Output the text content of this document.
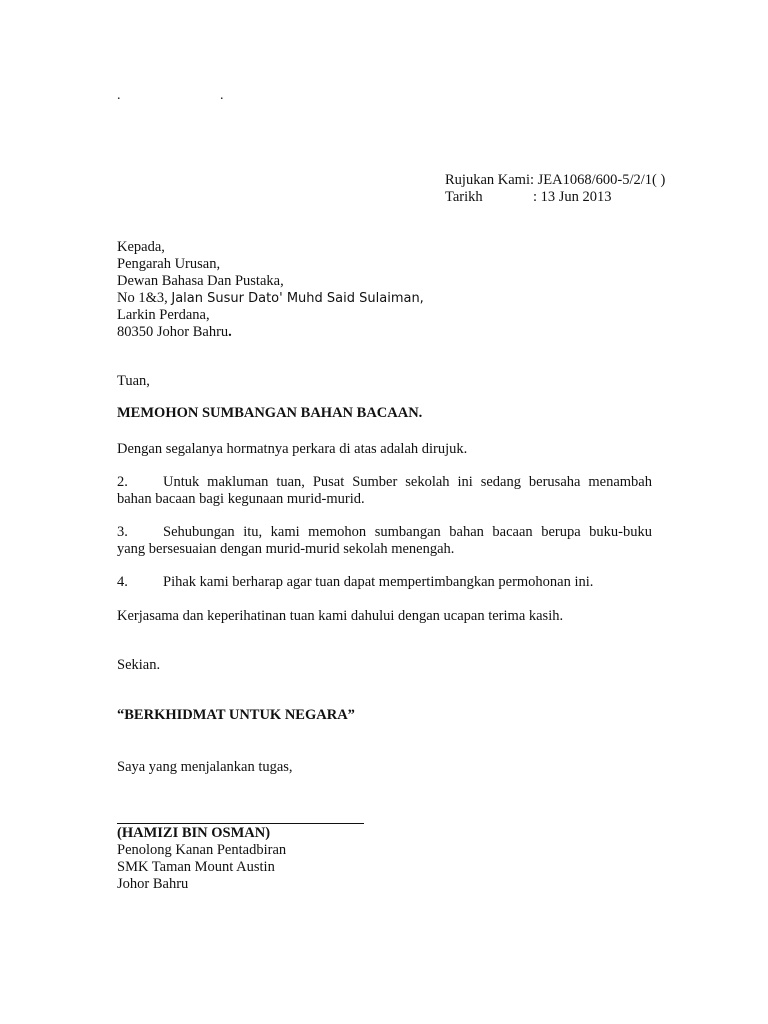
.	.
Rujukan Kami: JEA1068/600-5/2/1( )
Tarikh	: 13 Jun 2013
Kepada,
Pengarah Urusan,
Dewan Bahasa Dan Pustaka,
No 1&3, Jalan Susur Dato' Muhd Said Sulaiman,
Larkin Perdana,
80350 Johor Bahru.
Tuan,
MEMOHON SUMBANGAN BAHAN BACAAN.
Dengan segalanya hormatnya perkara di atas adalah dirujuk.
2. Untuk makluman tuan, Pusat Sumber sekolah ini sedang berusaha menambah
bahan bacaan bagi kegunaan murid-murid.
3. Sehubungan itu, kami memohon sumbangan bahan bacaan berupa buku-buku
yang bersesuaian dengan murid-murid sekolah menengah.
4. Pihak kami berharap agar tuan dapat mempertimbangkan permohonan ini.
Kerjasama dan keperihatinan tuan kami dahului dengan ucapan terima kasih.
Sekian.
“BERKHIDMAT UNTUK NEGARA”
Saya yang menjalankan tugas,
(HAMIZI BIN OSMAN)
Penolong Kanan Pentadbiran
SMK Taman Mount Austin
Johor Bahru
